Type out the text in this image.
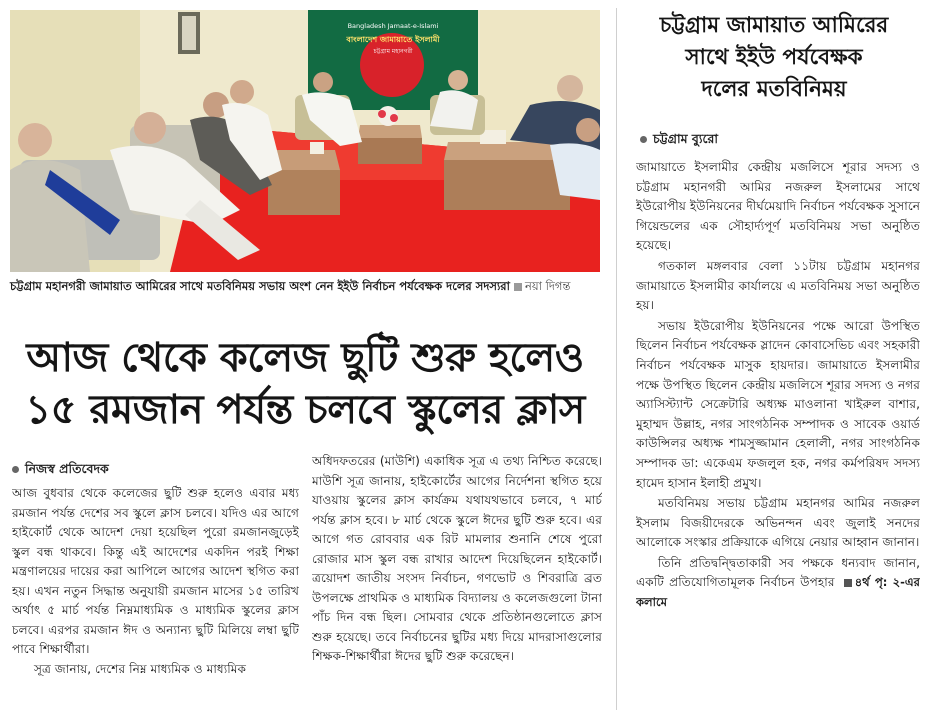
Bangladesh Jamaat-e-Islami
বাংলাদেশ জামায়াতে ইসলামী
চট্টগ্রাম মহানগরী
চট্টগ্রাম মহানগরী জামায়াত আমিরের সাথে মতবিনিময় সভায় অংশ নেন ইইউ নির্বাচন পর্যবেক্ষক দলের সদস্যরা নয়া দিগন্ত
আজ থেকে কলেজ ছুটি শুরু হলেও
১৫ রমজান পর্যন্ত চলবে স্কুলের ক্লাস
নিজস্ব প্রতিবেদক

আজ বুধবার থেকে কলেজের ছুটি শুরু হলেও এবার মধ্য রমজান পর্যন্ত দেশের সব স্কুলে ক্লাস চলবে। যদিও এর আগে হাইকোর্ট থেকে আদেশ দেয়া হয়েছিল পুরো রমজানজুড়েই স্কুল বন্ধ থাকবে। কিন্তু এই আদেশের একদিন পরই শিক্ষা মন্ত্রণালয়ের দায়ের করা আপিলে আগের আদেশ স্থগিত করা হয়। এখন নতুন সিদ্ধান্ত অনুযায়ী রমজান মাসের ১৫ তারিখ অর্থাৎ ৫ মার্চ পর্যন্ত নিম্নমাধ্যমিক ও মাধ্যমিক স্কুলের ক্লাস চলবে। এরপর রমজান ঈদ ও অন্যান্য ছুটি মিলিয়ে লম্বা ছুটি পাবে শিক্ষার্থীরা।

সূত্র জানায়, দেশের নিম্ন মাধ্যমিক ও মাধ্যমিক

অধিদফতরের (মাউশি) একাধিক সূত্র এ তথ্য নিশ্চিত করেছে। মাউশি সূত্র জানায়, হাইকোর্টের আগের নির্দেশনা স্থগিত হয়ে যাওয়ায় স্কুলের ক্লাস কার্যক্রম যথাযথভাবে চলবে, ৭ মার্চ পর্যন্ত ক্লাস হবে। ৮ মার্চ থেকে স্কুলে ঈদের ছুটি শুরু হবে। এর আগে গত রোববার এক রিট মামলার শুনানি শেষে পুরো রোজার মাস স্কুল বন্ধ রাখার আদেশ দিয়েছিলেন হাইকোর্ট। ত্রয়োদশ জাতীয় সংসদ নির্বাচন, গণভোট ও শিবরাত্রি ব্রত উপলক্ষে প্রাথমিক ও মাধ্যমিক বিদ্যালয় ও কলেজগুলো টানা পাঁচ দিন বন্ধ ছিল। সোমবার থেকে প্রতিষ্ঠানগুলোতে ক্লাস শুরু হয়েছে। তবে নির্বাচনের ছুটির মধ্য দিয়ে মাদরাসাগুলোর শিক্ষক-শিক্ষার্থীরা ঈদের ছুটি শুরু করেছেন।

চট্টগ্রাম জামায়াত আমিরের
সাথে ইইউ পর্যবেক্ষক
দলের মতবিনিময়
চট্টগ্রাম ব্যুরো

জামায়াতে ইসলামীর কেন্দ্রীয় মজলিসে শূরার সদস্য ও চট্টগ্রাম মহানগরী আমির নজরুল ইসলামের সাথে ইউরোপীয় ইউনিয়নের দীর্ঘমেয়াদি নির্বাচন পর্যবেক্ষক সুসানে গিয়েন্ডলের এক সৌহার্দ্যপূর্ণ মতবিনিময় সভা অনুষ্ঠিত হয়েছে।

গতকাল মঙ্গলবার বেলা ১১টায় চট্টগ্রাম মহানগর জামায়াতে ইসলামীর কার্যালয়ে এ মতবিনিময় সভা অনুষ্ঠিত হয়।

সভায় ইউরোপীয় ইউনিয়নের পক্ষে আরো উপস্থিত ছিলেন নির্বাচন পর্যবেক্ষক স্লাদেন কোবাসেভিচ এবং সহকারী নির্বাচন পর্যবেক্ষক মাসুক হায়দার। জামায়াতে ইসলামীর পক্ষে উপস্থিত ছিলেন কেন্দ্রীয় মজলিসে শূরার সদস্য ও নগর অ্যাসিস্ট্যান্ট সেক্রেটারি অধ্যক্ষ মাওলানা খাইরুল বাশার, মুহাম্মদ উল্লাহ, নগর সাংগঠনিক সম্পাদক ও সাবেক ওয়ার্ড কাউন্সিলর অধ্যক্ষ শামসুজ্জামান হেলালী, নগর সাংগঠনিক সম্পাদক ডা: একেএম ফজলুল হক, নগর কর্মপরিষদ সদস্য হামেদ হাসান ইলাহী প্রমুখ।

মতবিনিময় সভায় চট্টগ্রাম মহানগর আমির নজরুল ইসলাম বিজয়ীদেরকে অভিনন্দন এবং জুলাই সনদের আলোকে সংস্কার প্রক্রিয়াকে এগিয়ে নেয়ার আহ্বান জানান।

তিনি প্রতিদ্বন্দ্বিতাকারী সব পক্ষকে ধন্যবাদ জানান, একটি প্রতিযোগিতামূলক নির্বাচন উপহার ৪র্থ পৃ: ২-এর কলামে
